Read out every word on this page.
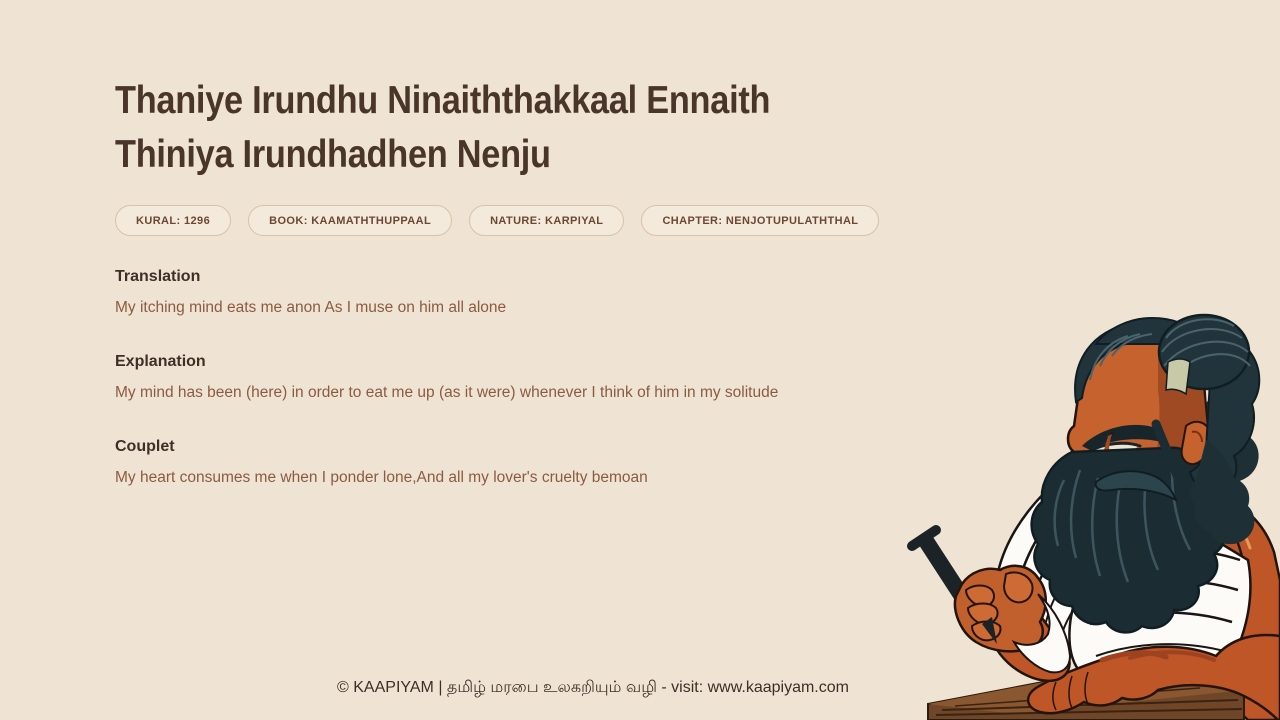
Thaniye Irundhu Ninaiththakkaal Ennaith
Thiniya Irundhadhen Nenju
KURAL: 1296	BOOK: KAAMATHTHUPPAAL	NATURE: KARPIYAL	CHAPTER: NENJOTUPULATHTHAL
Translation
My itching mind eats me anon As I muse on him all alone
Explanation
My mind has been (here) in order to eat me up (as it were) whenever I think of him in my solitude
Couplet
My heart consumes me when I ponder lone,And all my lover's cruelty bemoan
© KAAPIYAM | தமிழ் மரபை உலகறியும் வழி - visit: www.kaapiyam.com
